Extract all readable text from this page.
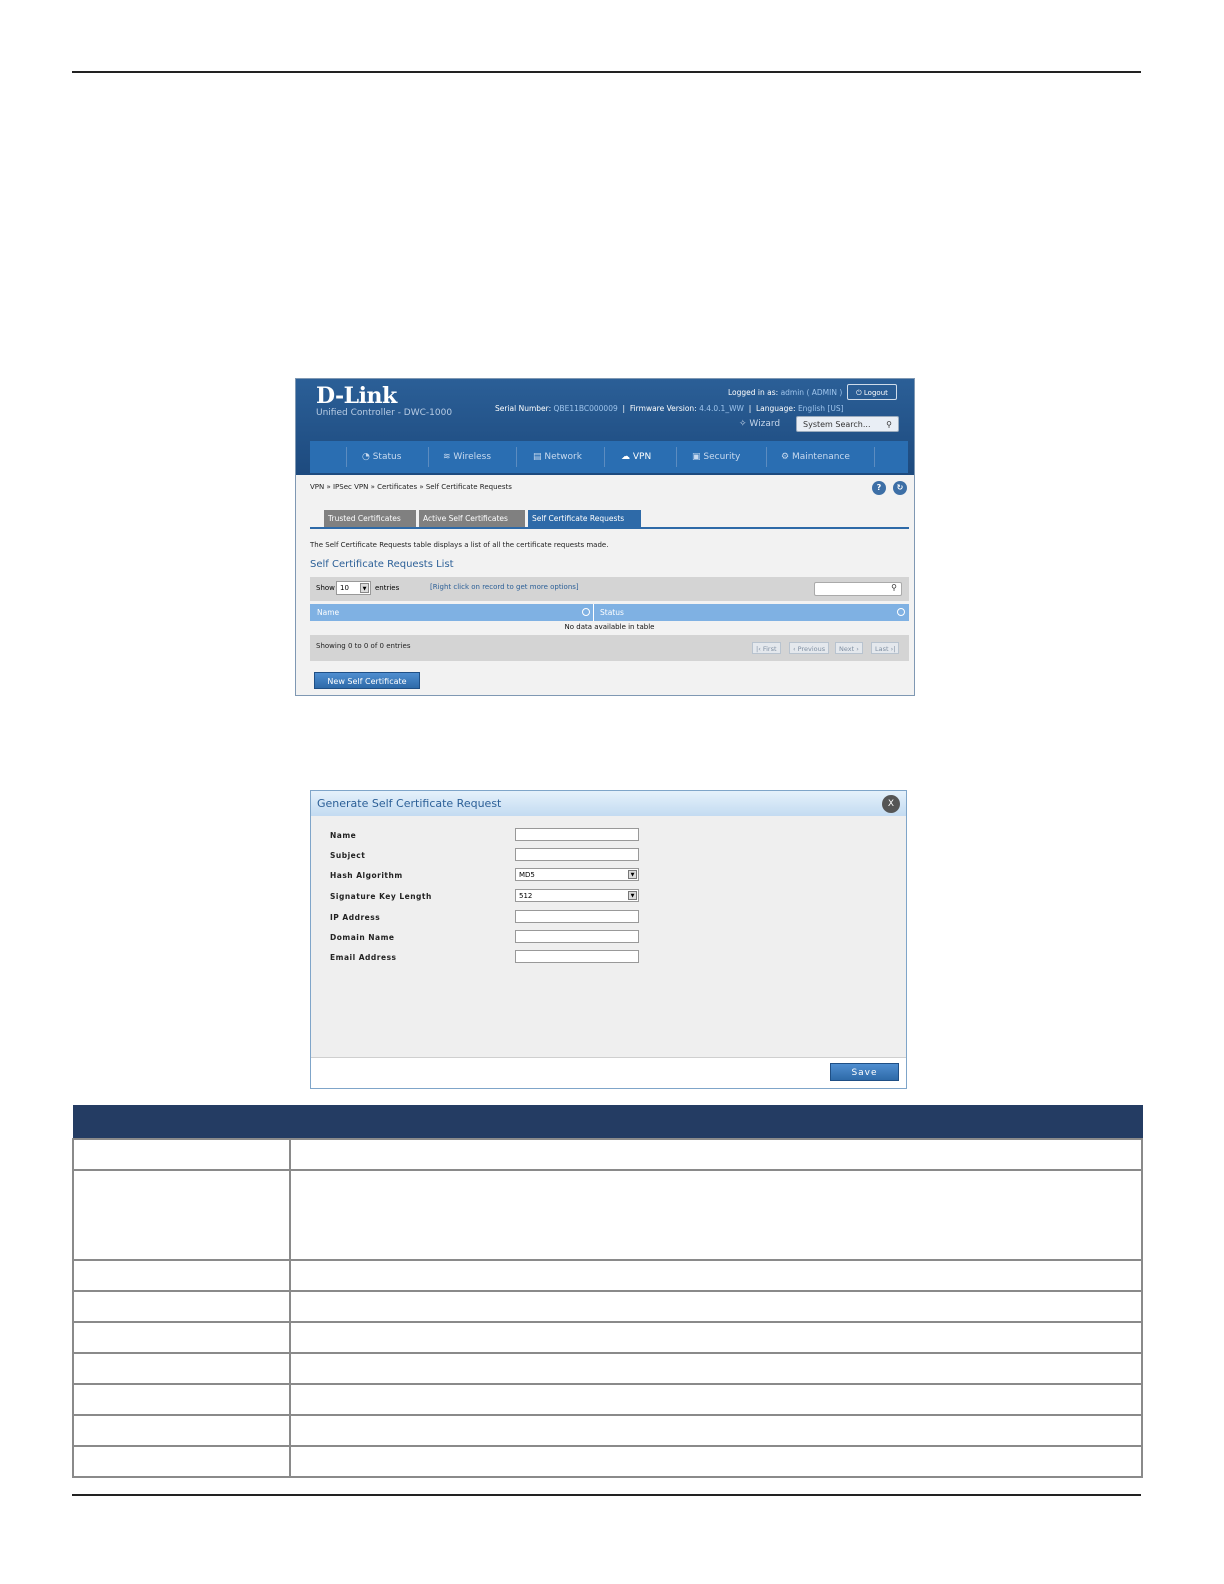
D-Link
Unified Controller - DWC-1000
Logged in as: admin ( ADMIN )	⏻ Logout
Serial Number: QBE11BC000009  |  Firmware Version: 4.4.0.1_WW  |  Language: English [US]
✧ Wizard	System Search... ⚲
◔ Status	≋ Wireless	▤ Network	☁ VPN	▣ Security	⚙ Maintenance
VPN » IPSec VPN » Certificates » Self Certificate Requests	?	↻
Trusted Certificates	Active Self Certificates	Self Certificate Requests
The Self Certificate Requests table displays a list of all the certificate requests made.
Self Certificate Requests List
Show 10	▼	entries	[Right click on record to get more options]	⚲
Name	Status
No data available in table
Showing 0 to 0 of 0 entries	|‹ First	‹ Previous	Next ›	Last ›|
New Self Certificate
Generate Self Certificate Request	X
Name
Subject
Hash Algorithm	MD5	▼
Signature Key Length	512	▼
IP Address
Domain Name
Email Address
Save
